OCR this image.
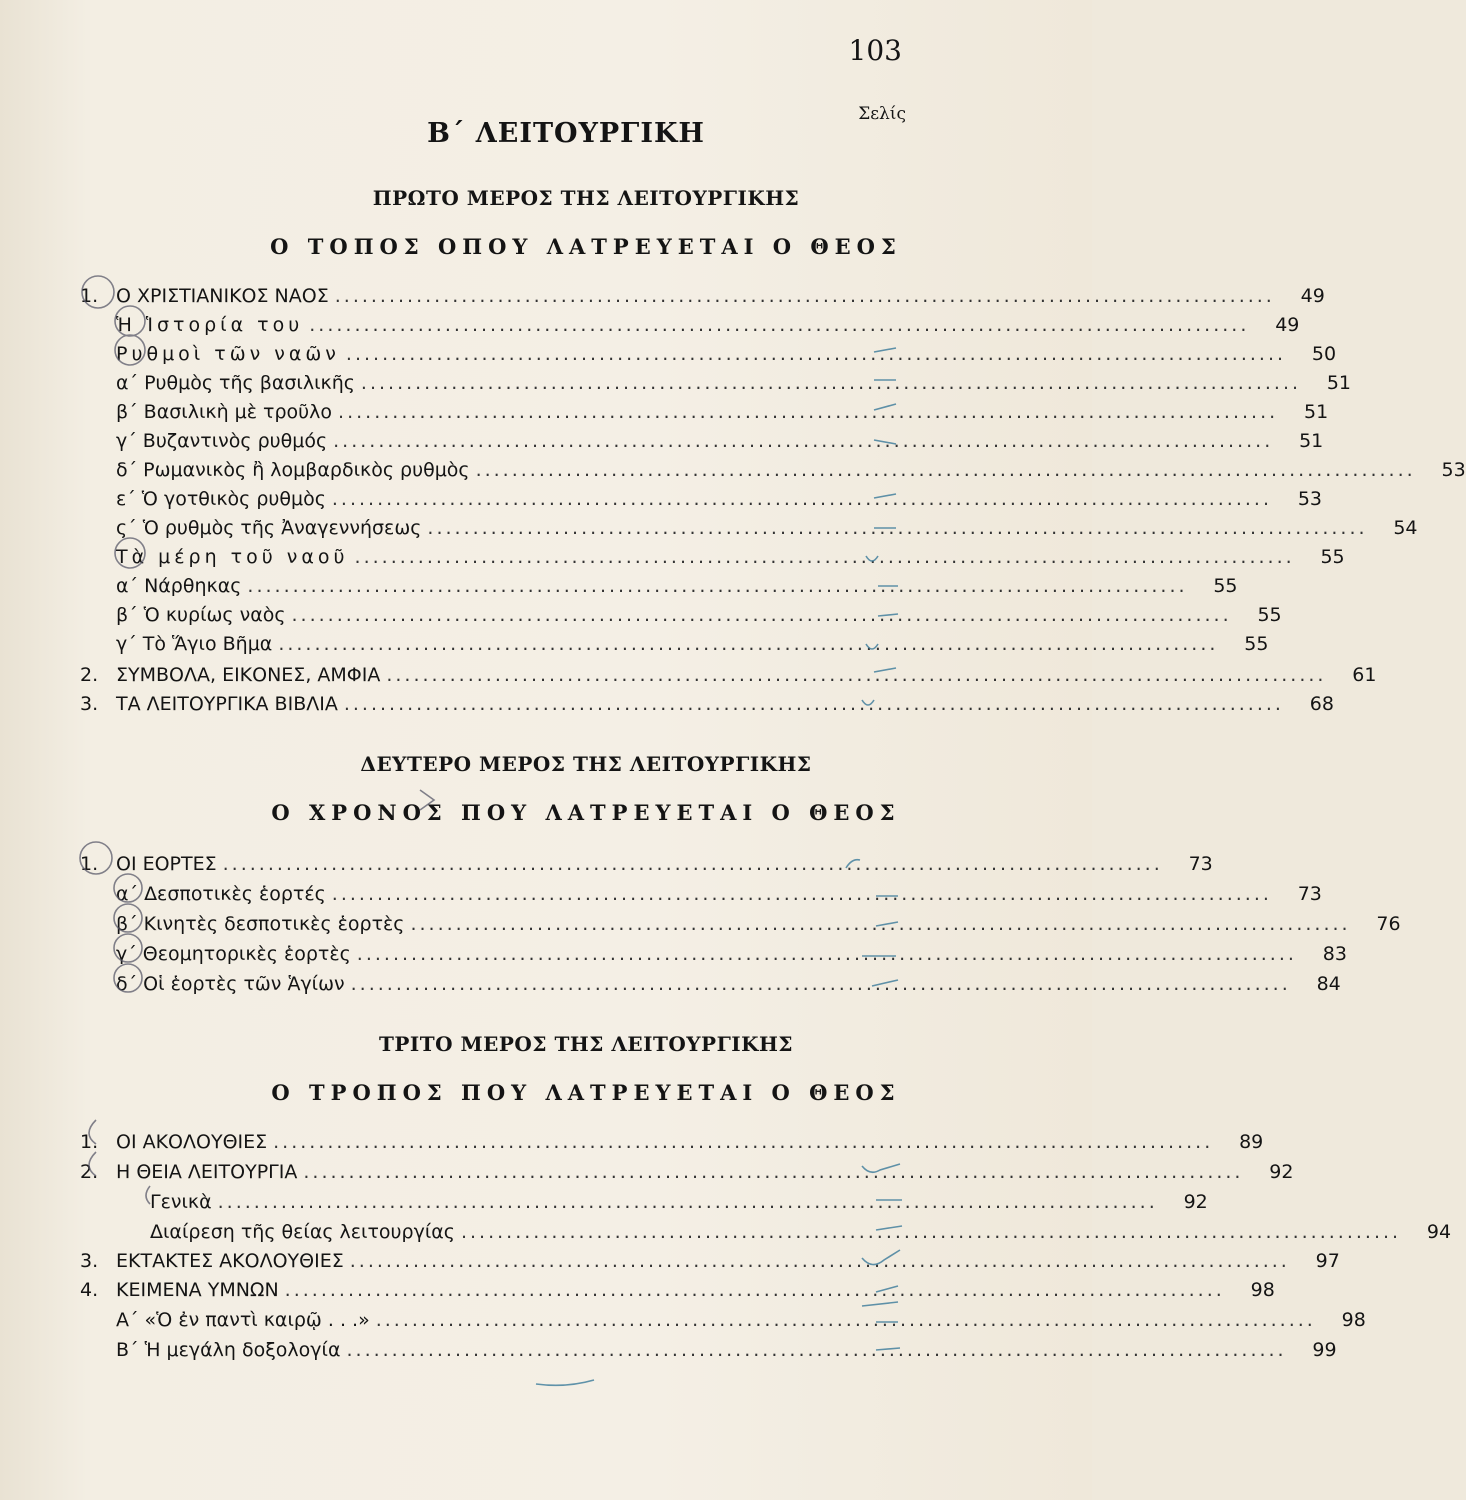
103
Σελίς
Β΄ ΛΕΙΤΟΥΡΓΙΚΗ
ΠΡΩΤΟ ΜΕΡΟΣ ΤΗΣ ΛΕΙΤΟΥΡΓΙΚΗΣ
Ο ΤΟΠΟΣ ΟΠΟΥ ΛΑΤΡΕΥΕΤΑΙ Ο ΘΕΟΣ
1. Ο ΧΡΙΣΤΙΑΝΙΚΟΣ ΝΑΟΣ ........................................................................................................	49
Ἡ Ἱστορία του ........................................................................................................	49
Ρυθμοὶ τῶν ναῶν ........................................................................................................	50
α΄ Ρυθμὸς τῆς βασιλικῆς ........................................................................................................	51
β΄ Βασιλικὴ μὲ τροῦλο ........................................................................................................	51
γ΄ Βυζαντινὸς ρυθμός ........................................................................................................	51
δ΄ Ρωμανικὸς ἢ λομβαρδικὸς ρυθμὸς ........................................................................................................	53
ε΄ Ὁ γοτθικὸς ρυθμὸς ........................................................................................................	53
ς΄ Ὁ ρυθμὸς τῆς Ἀναγεννήσεως ........................................................................................................	54
Τὰ μέρη τοῦ ναοῦ ........................................................................................................	55
α΄ Νάρθηκας ........................................................................................................	55
β΄ Ὁ κυρίως ναὸς ........................................................................................................	55
γ΄ Τὸ Ἅγιο Βῆμα ........................................................................................................	55
2. ΣΥΜΒΟΛΑ, ΕΙΚΟΝΕΣ, ΑΜΦΙΑ ........................................................................................................	61
3. ΤΑ ΛΕΙΤΟΥΡΓΙΚΑ ΒΙΒΛΙΑ ........................................................................................................	68
ΔΕΥΤΕΡΟ ΜΕΡΟΣ ΤΗΣ ΛΕΙΤΟΥΡΓΙΚΗΣ
Ο ΧΡΟΝΟΣ ΠΟΥ ΛΑΤΡΕΥΕΤΑΙ Ο ΘΕΟΣ
1. ΟΙ ΕΟΡΤΕΣ ........................................................................................................	73
α΄ Δεσποτικὲς ἑορτές ........................................................................................................	73
β΄ Κινητὲς δεσποτικὲς ἑορτὲς ........................................................................................................	76
γ΄ Θεομητορικὲς ἑορτὲς ........................................................................................................	83
δ΄ Οἱ ἑορτὲς τῶν Ἁγίων ........................................................................................................	84
ΤΡΙΤΟ ΜΕΡΟΣ ΤΗΣ ΛΕΙΤΟΥΡΓΙΚΗΣ
Ο ΤΡΟΠΟΣ ΠΟΥ ΛΑΤΡΕΥΕΤΑΙ Ο ΘΕΟΣ
1. ΟΙ ΑΚΟΛΟΥΘΙΕΣ ........................................................................................................	89
2. Η ΘΕΙΑ ΛΕΙΤΟΥΡΓΙΑ ........................................................................................................	92
Γενικὰ ........................................................................................................	92
Διαίρεση τῆς θείας λειτουργίας ........................................................................................................	94
3. ΕΚΤΑΚΤΕΣ ΑΚΟΛΟΥΘΙΕΣ ........................................................................................................	97
4. ΚΕΙΜΕΝΑ ΥΜΝΩΝ ........................................................................................................	98
Α΄ «Ὁ ἐν παντὶ καιρῷ . . .» ........................................................................................................	98
Β΄ Ἡ μεγάλη δοξολογία ........................................................................................................	99
